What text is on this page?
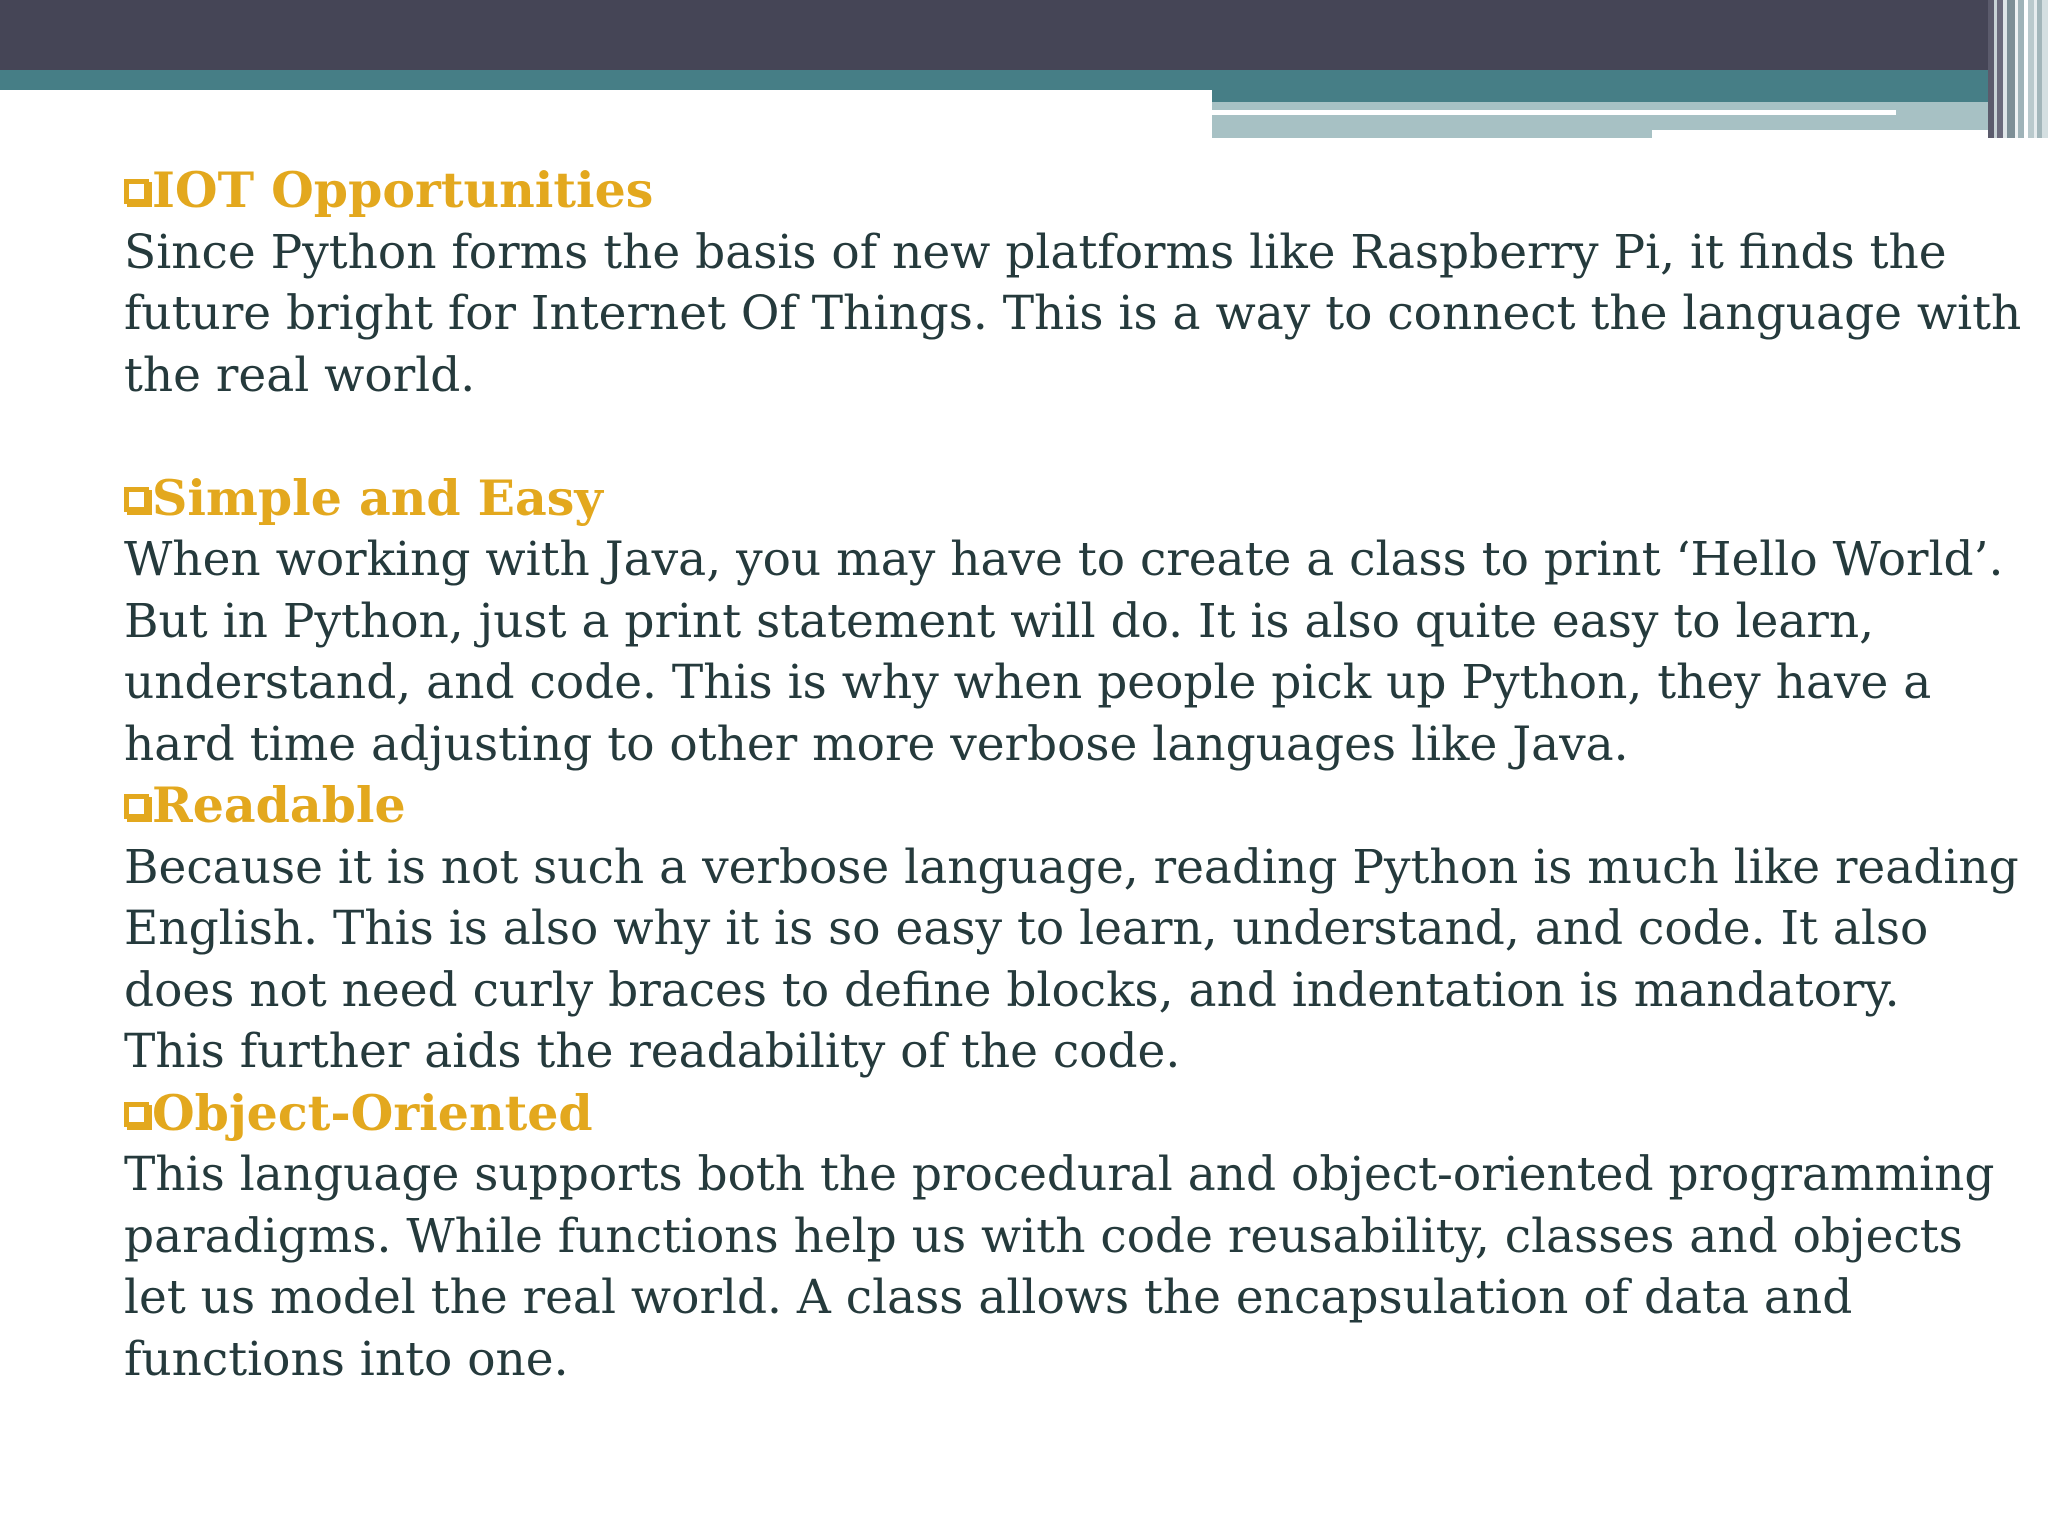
IOT Opportunities
Since Python forms the basis of new platforms like Raspberry Pi, it finds the
future bright for Internet Of Things. This is a way to connect the language with
the real world.
Simple and Easy
When working with Java, you may have to create a class to print ‘Hello World’.
But in Python, just a print statement will do. It is also quite easy to learn,
understand, and code. This is why when people pick up Python, they have a
hard time adjusting to other more verbose languages like Java.
Readable
Because it is not such a verbose language, reading Python is much like reading
English. This is also why it is so easy to learn, understand, and code. It also
does not need curly braces to define blocks, and indentation is mandatory.
This further aids the readability of the code.
Object-Oriented
This language supports both the procedural and object-oriented programming
paradigms. While functions help us with code reusability, classes and objects
let us model the real world. A class allows the encapsulation of data and
functions into one.
